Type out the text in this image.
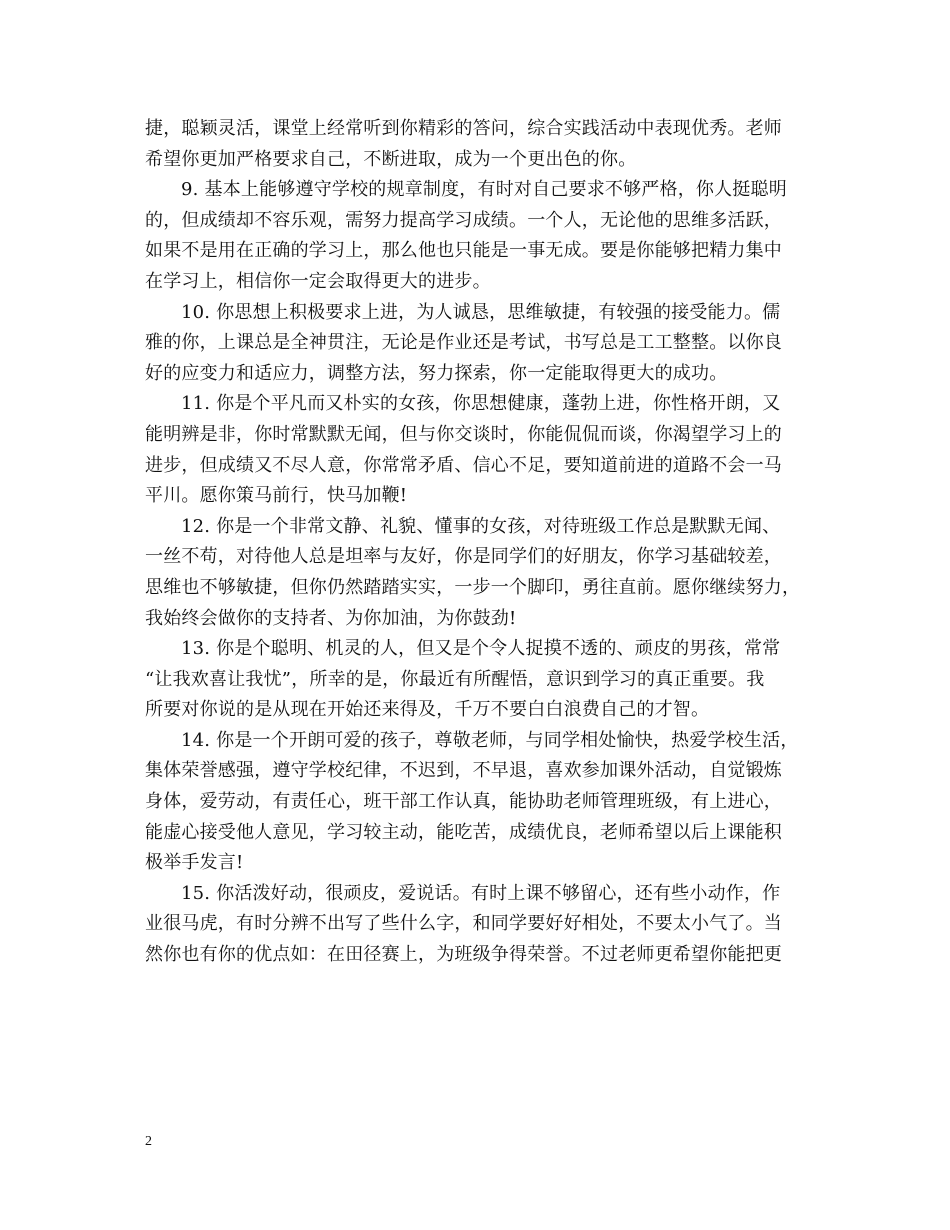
捷，聪颖灵活，课堂上经常听到你精彩的答问，综合实践活动中表现优秀。老师
希望你更加严格要求自己，不断进取，成为一个更出色的你。

9. 基本上能够遵守学校的规章制度，有时对自己要求不够严格，你人挺聪明
的，但成绩却不容乐观，需努力提高学习成绩。一个人，无论他的思维多活跃，
如果不是用在正确的学习上，那么他也只能是一事无成。要是你能够把精力集中
在学习上，相信你一定会取得更大的进步。

10. 你思想上积极要求上进，为人诚恳，思维敏捷，有较强的接受能力。儒
雅的你，上课总是全神贯注，无论是作业还是考试，书写总是工工整整。以你良
好的应变力和适应力，调整方法，努力探索，你一定能取得更大的成功。

11. 你是个平凡而又朴实的女孩，你思想健康，蓬勃上进，你性格开朗，又
能明辨是非，你时常默默无闻，但与你交谈时，你能侃侃而谈，你渴望学习上的
进步，但成绩又不尽人意，你常常矛盾、信心不足，要知道前进的道路不会一马
平川。愿你策马前行，快马加鞭!

12. 你是一个非常文静、礼貌、懂事的女孩，对待班级工作总是默默无闻、
一丝不苟，对待他人总是坦率与友好，你是同学们的好朋友，你学习基础较差，
思维也不够敏捷，但你仍然踏踏实实，一步一个脚印，勇往直前。愿你继续努力，
我始终会做你的支持者、为你加油，为你鼓劲!

13. 你是个聪明、机灵的人，但又是个令人捉摸不透的、顽皮的男孩，常常
“让我欢喜让我忧”，所幸的是，你最近有所醒悟，意识到学习的真正重要。我
所要对你说的是从现在开始还来得及，千万不要白白浪费自己的才智。

14. 你是一个开朗可爱的孩子，尊敬老师，与同学相处愉快，热爱学校生活，
集体荣誉感强，遵守学校纪律，不迟到，不早退，喜欢参加课外活动，自觉锻炼
身体，爱劳动，有责任心，班干部工作认真，能协助老师管理班级，有上进心，
能虚心接受他人意见，学习较主动，能吃苦，成绩优良，老师希望以后上课能积
极举手发言!

15. 你活泼好动，很顽皮，爱说话。有时上课不够留心，还有些小动作，作
业很马虎，有时分辨不出写了些什么字，和同学要好好相处，不要太小气了。当
然你也有你的优点如：在田径赛上，为班级争得荣誉。不过老师更希望你能把更

2
